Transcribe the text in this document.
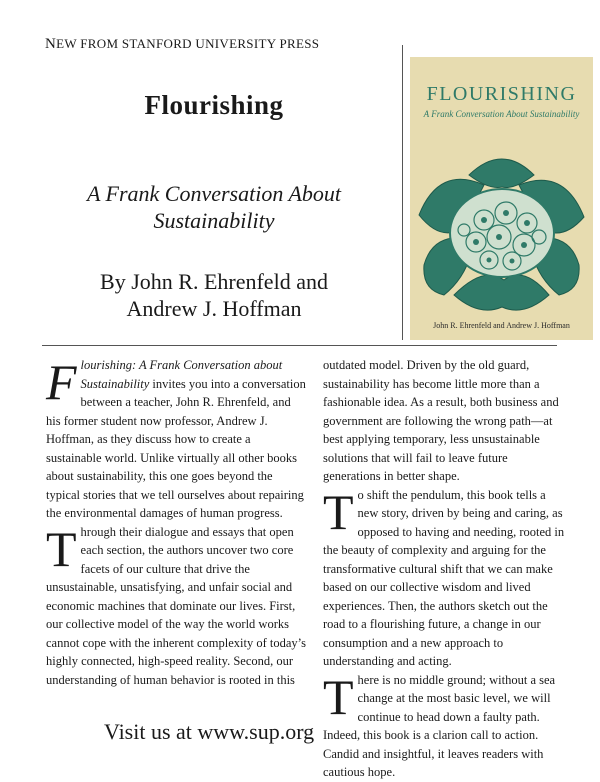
NEW FROM STANFORD UNIVERSITY PRESS
Flourishing
A Frank Conversation About Sustainability
By John R. Ehrenfeld and
Andrew J. Hoffman
FLOURISHING
A Frank Conversation About Sustainability
John R. Ehrenfeld and Andrew J. Hoffman

Flourishing: A Frank Conversation about Sustainability invites you into a conversation between a teacher, John R. Ehrenfeld, and his former student now professor, Andrew J. Hoffman, as they discuss how to create a sustainable world. Unlike virtually all other books about sustainability, this one goes beyond the typical stories that we tell ourselves about repairing the environmental damages of human progress.

Through their dialogue and essays that open each section, the authors uncover two core facets of our culture that drive the unsustainable, unsatisfying, and unfair social and economic machines that dominate our lives. First, our collective model of the way the world works cannot cope with the inherent complexity of today’s highly connected, high-speed reality. Second, our understanding of human behavior is rooted in this

outdated model. Driven by the old guard, sustainability has become little more than a fashionable idea. As a result, both business and government are following the wrong path—at best applying temporary, less unsustainable solutions that will fail to leave future generations in better shape.

To shift the pendulum, this book tells a new story, driven by being and caring, as opposed to having and needing, rooted in the beauty of complexity and arguing for the transformative cultural shift that we can make based on our collective wisdom and lived experiences. Then, the authors sketch out the road to a flourishing future, a change in our consumption and a new approach to understanding and acting.

There is no middle ground; without a sea change at the most basic level, we will continue to head down a faulty path. Indeed, this book is a clarion call to action. Candid and insightful, it leaves readers with cautious hope.

Visit us at www.sup.org
